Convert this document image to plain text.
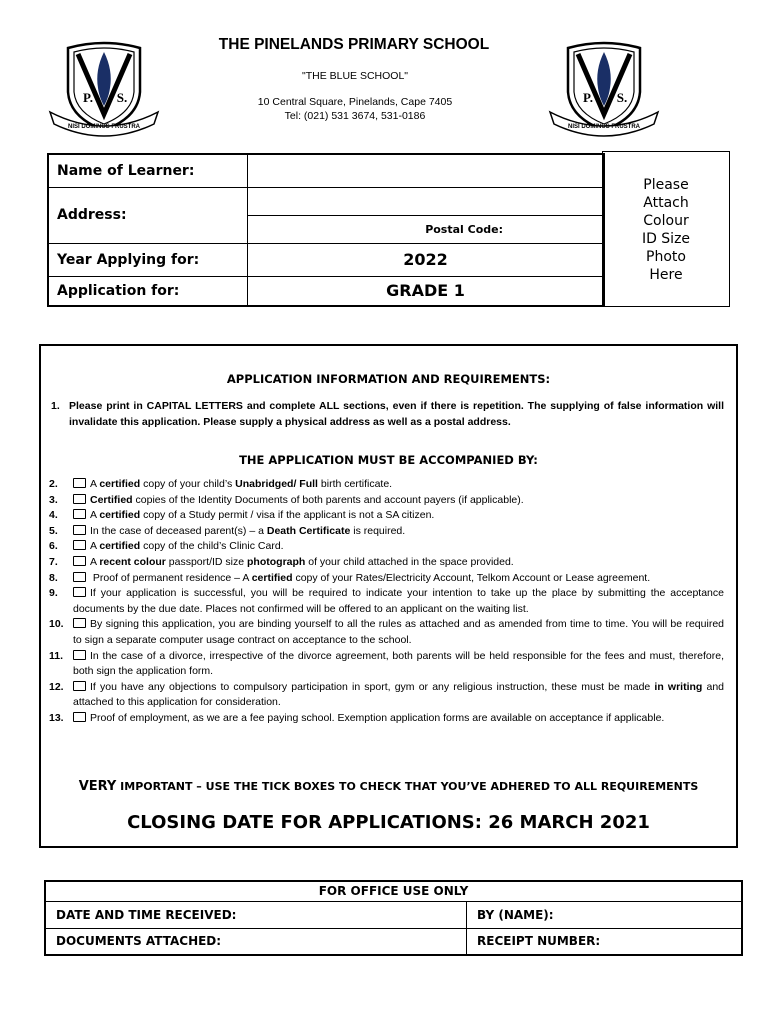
P. S.
NISI DOMINUS FRUSTRA
P. S.
NISI DOMINUS FRUSTRA
THE PINELANDS PRIMARY SCHOOL
"THE BLUE SCHOOL"
10 Central Square, Pinelands, Cape 7405
Tel: (021) 531 3674, 531-0186
Name of Learner:	
Address:	
	Postal Code:
Year Applying for:	2022
Application for:	GRADE 1
Please
Attach
Colour
ID Size
Photo
Here
APPLICATION INFORMATION AND REQUIREMENTS:
1. Please print in CAPITAL LETTERS and complete ALL sections, even if there is repetition. The supplying of false information will invalidate this application. Please supply a physical address as well as a postal address.
THE APPLICATION MUST BE ACCOMPANIED BY:
2.	A certified copy of your child’s Unabridged/ Full birth certificate.
3.	Certified copies of the Identity Documents of both parents and account payers (if applicable).
4.	A certified copy of a Study permit / visa if the applicant is not a SA citizen.
5.	In the case of deceased parent(s) – a Death Certificate is required.
6.	A certified copy of the child’s Clinic Card.
7.	A recent colour passport/ID size photograph of your child attached in the space provided.
8.	Proof of permanent residence – A certified copy of your Rates/Electricity Account, Telkom Account or Lease agreement.
9.	If your application is successful, you will be required to indicate your intention to take up the place by submitting the acceptance documents by the due date. Places not confirmed will be offered to an applicant on the waiting list.
10.	By signing this application, you are binding yourself to all the rules as attached and as amended from time to time. You will be required to sign a separate computer usage contract on acceptance to the school.
11.	In the case of a divorce, irrespective of the divorce agreement, both parents will be held responsible for the fees and must, therefore, both sign the application form.
12.	If you have any objections to compulsory participation in sport, gym or any religious instruction, these must be made in writing and attached to this application for consideration.
13.	Proof of employment, as we are a fee paying school. Exemption application forms are available on acceptance if applicable.
VERY IMPORTANT – USE THE TICK BOXES TO CHECK THAT YOU’VE ADHERED TO ALL REQUIREMENTS
CLOSING DATE FOR APPLICATIONS: 26 MARCH 2021
FOR OFFICE USE ONLY	
DATE AND TIME RECEIVED:	BY (NAME):
DOCUMENTS ATTACHED:	RECEIPT NUMBER:
